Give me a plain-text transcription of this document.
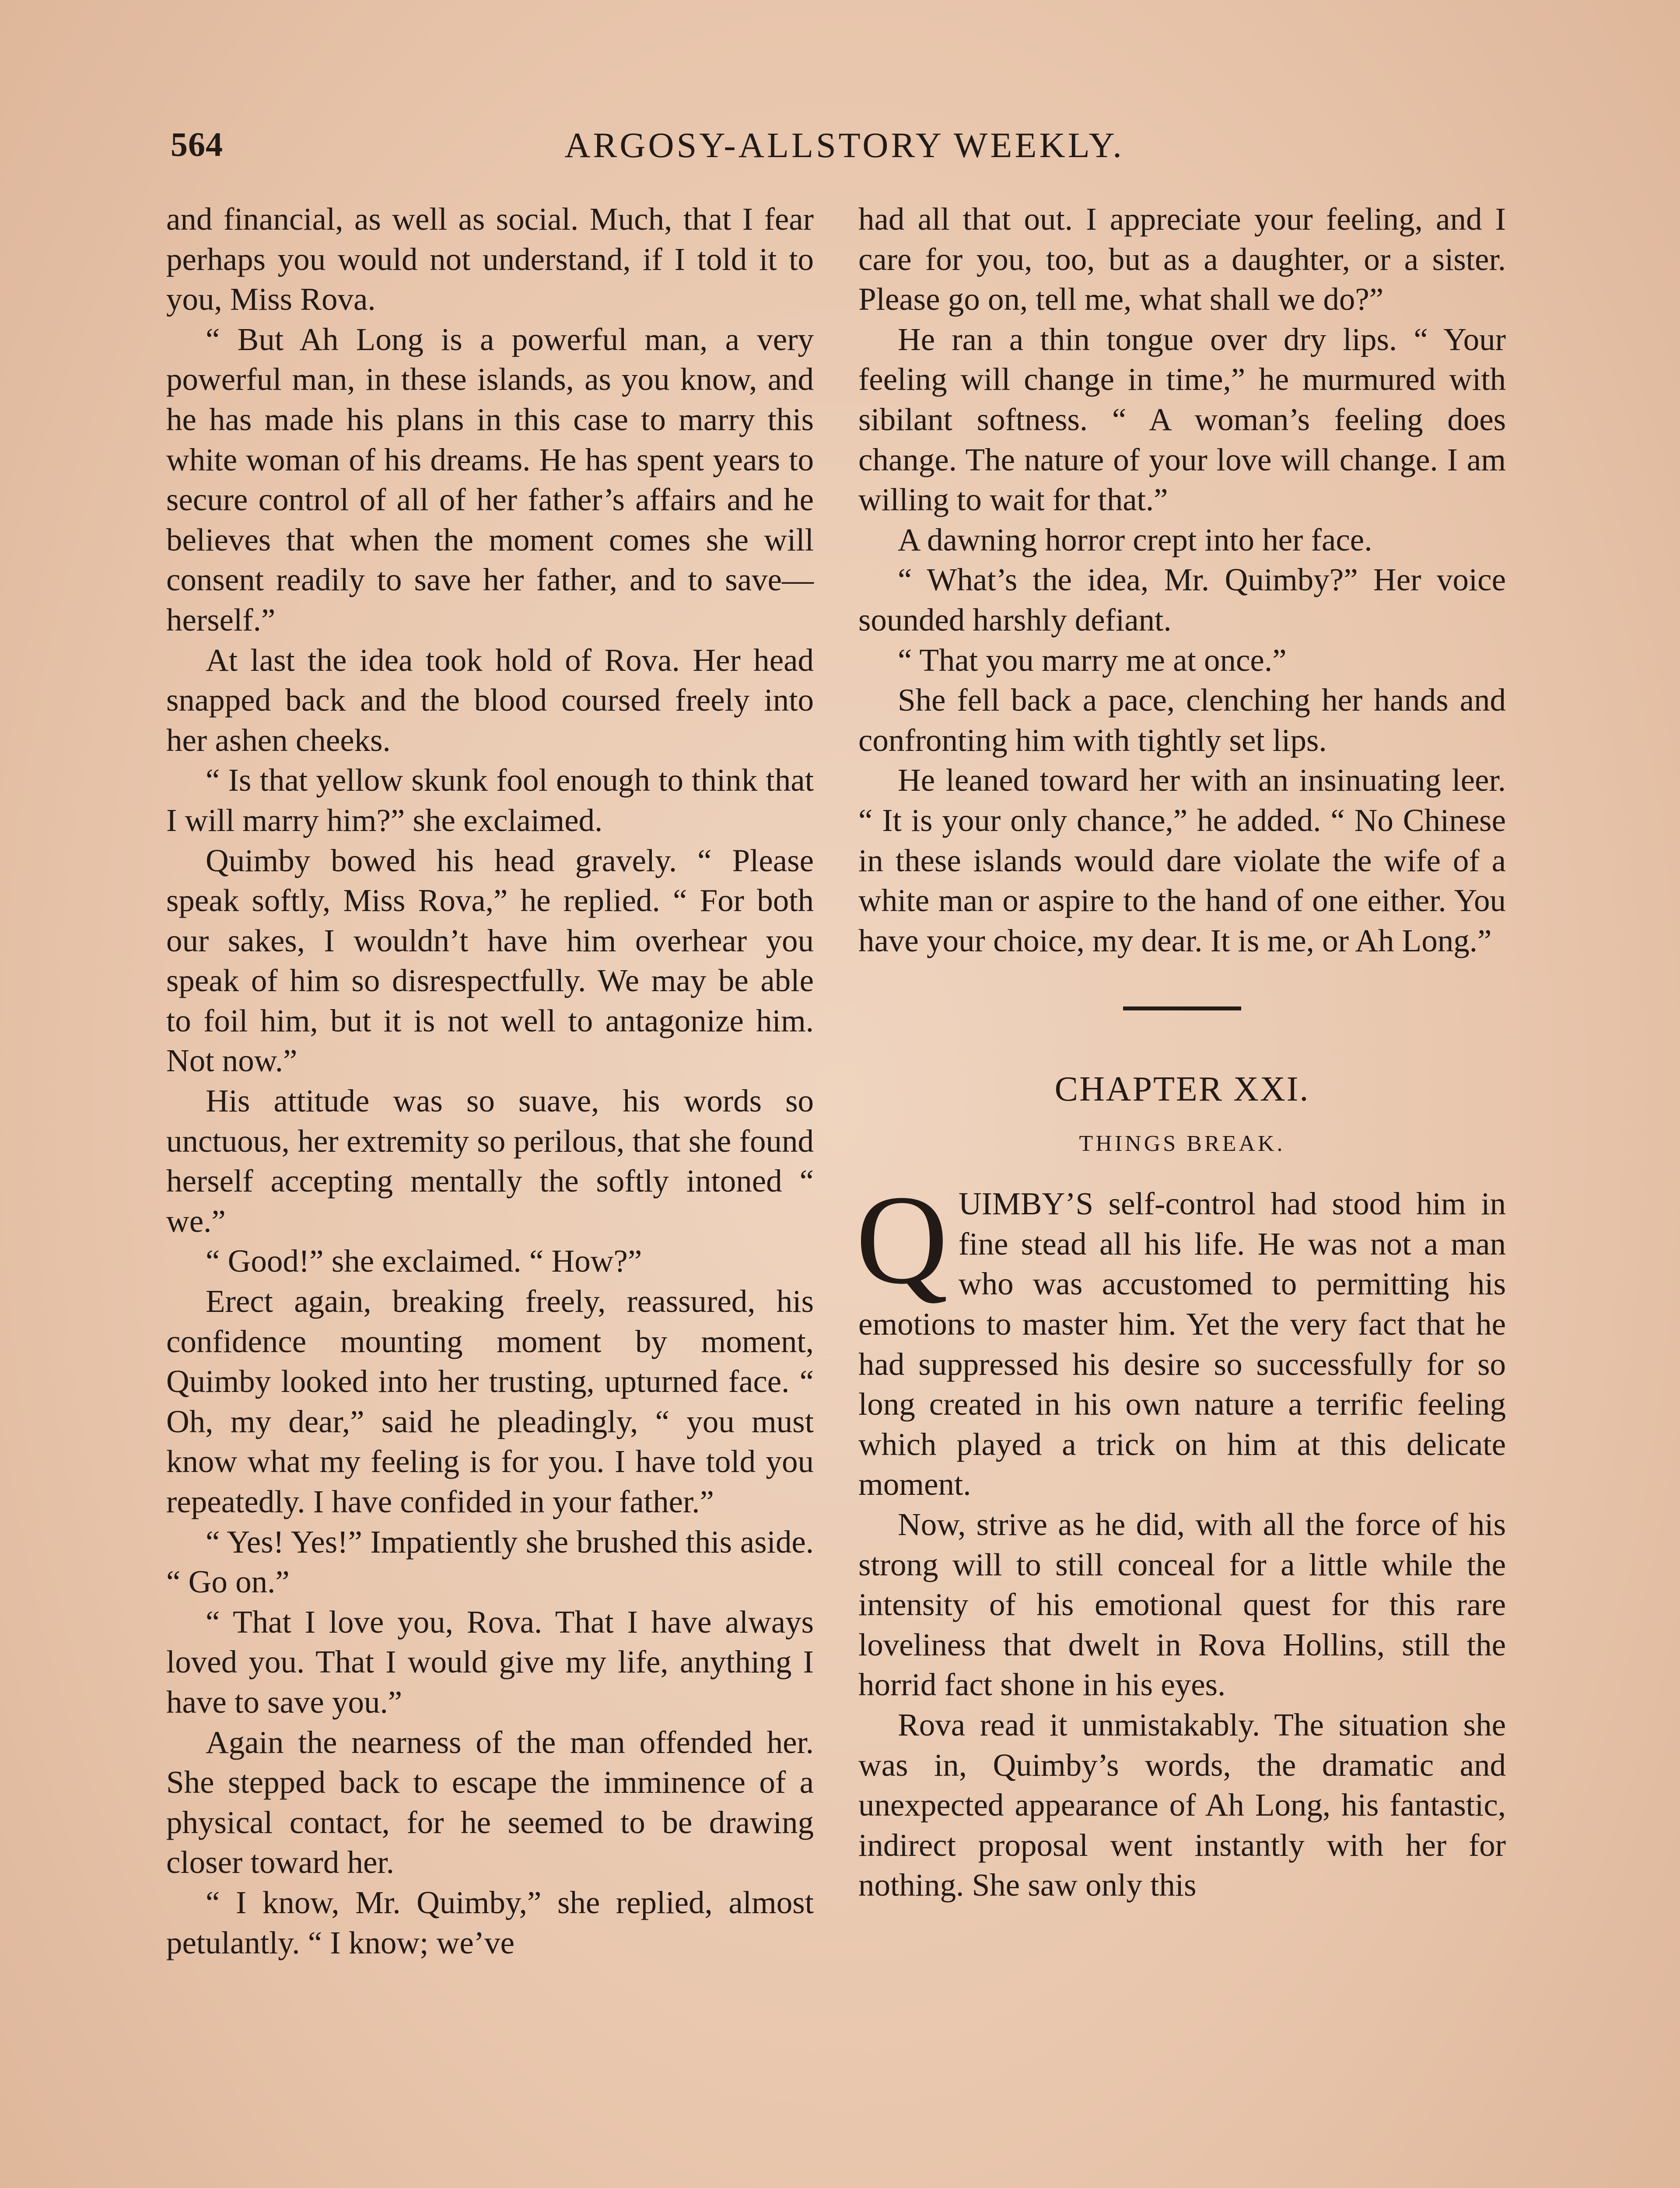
564	ARGOSY-ALLSTORY WEEKLY.

and financial, as well as social. Much, that I fear perhaps you would not understand, if I told it to you, Miss Rova.

“ But Ah Long is a powerful man, a very powerful man, in these islands, as you know, and he has made his plans in this case to marry this white woman of his dreams. He has spent years to secure control of all of her father’s affairs and he believes that when the moment comes she will consent readily to save her father, and to save—herself.”

At last the idea took hold of Rova. Her head snapped back and the blood coursed freely into her ashen cheeks.

“ Is that yellow skunk fool enough to think that I will marry him?” she exclaimed.

Quimby bowed his head gravely. “ Please speak softly, Miss Rova,” he replied. “ For both our sakes, I wouldn’t have him overhear you speak of him so disrespectfully. We may be able to foil him, but it is not well to antagonize him. Not now.”

His attitude was so suave, his words so unctuous, her extremity so perilous, that she found herself accepting mentally the softly intoned “ we.”

“ Good!” she exclaimed. “ How?”

Erect again, breaking freely, reassured, his confidence mounting moment by moment, Quimby looked into her trusting, upturned face. “ Oh, my dear,” said he pleadingly, “ you must know what my feeling is for you. I have told you repeatedly. I have confided in your father.”

“ Yes! Yes!” Impatiently she brushed this aside. “ Go on.”

“ That I love you, Rova. That I have always loved you. That I would give my life, anything I have to save you.”

Again the nearness of the man offended her. She stepped back to escape the imminence of a physical contact, for he seemed to be drawing closer toward her.

“ I know, Mr. Quimby,” she replied, almost petulantly. “ I know; we’ve

had all that out. I appreciate your feeling, and I care for you, too, but as a daughter, or a sister. Please go on, tell me, what shall we do?”

He ran a thin tongue over dry lips. “ Your feeling will change in time,” he murmured with sibilant softness. “ A woman’s feeling does change. The nature of your love will change. I am willing to wait for that.”

A dawning horror crept into her face.

“ What’s the idea, Mr. Quimby?” Her voice sounded harshly defiant.

“ That you marry me at once.”

She fell back a pace, clenching her hands and confronting him with tightly set lips.

He leaned toward her with an insinuating leer. “ It is your only chance,” he added. “ No Chinese in these islands would dare violate the wife of a white man or aspire to the hand of one either. You have your choice, my dear. It is me, or Ah Long.”

CHAPTER XXI.
THINGS BREAK.

QUIMBY’S self-control had stood him in fine stead all his life. He was not a man who was accustomed to permitting his emotions to master him. Yet the very fact that he had suppressed his desire so successfully for so long created in his own nature a terrific feeling which played a trick on him at this delicate moment.

Now, strive as he did, with all the force of his strong will to still conceal for a little while the intensity of his emotional quest for this rare loveliness that dwelt in Rova Hollins, still the horrid fact shone in his eyes.

Rova read it unmistakably. The situation she was in, Quimby’s words, the dramatic and unexpected appearance of Ah Long, his fantastic, indirect proposal went instantly with her for nothing. She saw only this
